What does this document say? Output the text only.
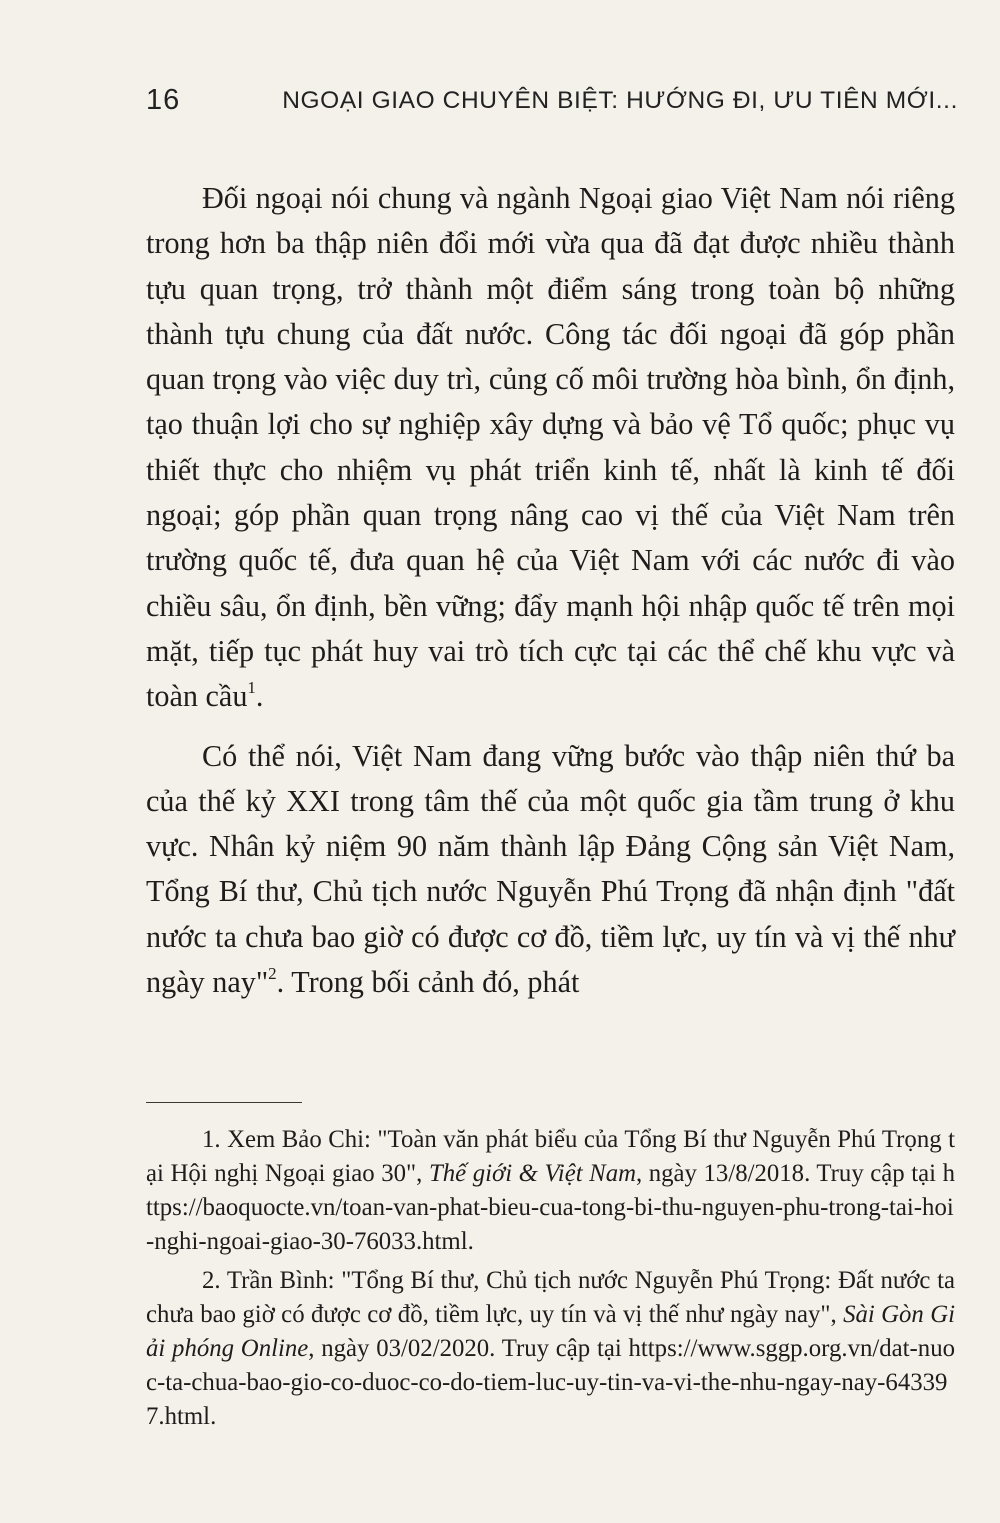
16	NGOẠI GIAO CHUYÊN BIỆT: HƯỚNG ĐI, ƯU TIÊN MỚI...

Đối ngoại nói chung và ngành Ngoại giao Việt Nam nói riêng trong hơn ba thập niên đổi mới vừa qua đã đạt được nhiều thành tựu quan trọng, trở thành một điểm sáng trong toàn bộ những thành tựu chung của đất nước. Công tác đối ngoại đã góp phần quan trọng vào việc duy trì, củng cố môi trường hòa bình, ổn định, tạo thuận lợi cho sự nghiệp xây dựng và bảo vệ Tổ quốc; phục vụ thiết thực cho nhiệm vụ phát triển kinh tế, nhất là kinh tế đối ngoại; góp phần quan trọng nâng cao vị thế của Việt Nam trên trường quốc tế, đưa quan hệ của Việt Nam với các nước đi vào chiều sâu, ổn định, bền vững; đẩy mạnh hội nhập quốc tế trên mọi mặt, tiếp tục phát huy vai trò tích cực tại các thể chế khu vực và toàn cầu$^1$.

Có thể nói, Việt Nam đang vững bước vào thập niên thứ ba của thế kỷ XXI trong tâm thế của một quốc gia tầm trung ở khu vực. Nhân kỷ niệm 90 năm thành lập Đảng Cộng sản Việt Nam, Tổng Bí thư, Chủ tịch nước Nguyễn Phú Trọng đã nhận định "đất nước ta chưa bao giờ có được cơ đồ, tiềm lực, uy tín và vị thế như ngày nay"$^2$. Trong bối cảnh đó, phát

1. Xem Bảo Chi: "Toàn văn phát biểu của Tổng Bí thư Nguyễn Phú Trọng tại Hội nghị Ngoại giao 30", Thế giới & Việt Nam, ngày 13/8/2018. Truy cập tại https://baoquocte.vn/toan-van-phat-bieu-cua-tong-bi-thu-nguyen-phu-trong-tai-hoi-nghi-ngoai-giao-30-76033.html.

2. Trần Bình: "Tổng Bí thư, Chủ tịch nước Nguyễn Phú Trọng: Đất nước ta chưa bao giờ có được cơ đồ, tiềm lực, uy tín và vị thế như ngày nay", Sài Gòn Giải phóng Online, ngày 03/02/2020. Truy cập tại https://www.sggp.org.vn/dat-nuoc-ta-chua-bao-gio-co-duoc-co-do-tiem-luc-uy-tin-va-vi-the-nhu-ngay-nay-643397.html.
